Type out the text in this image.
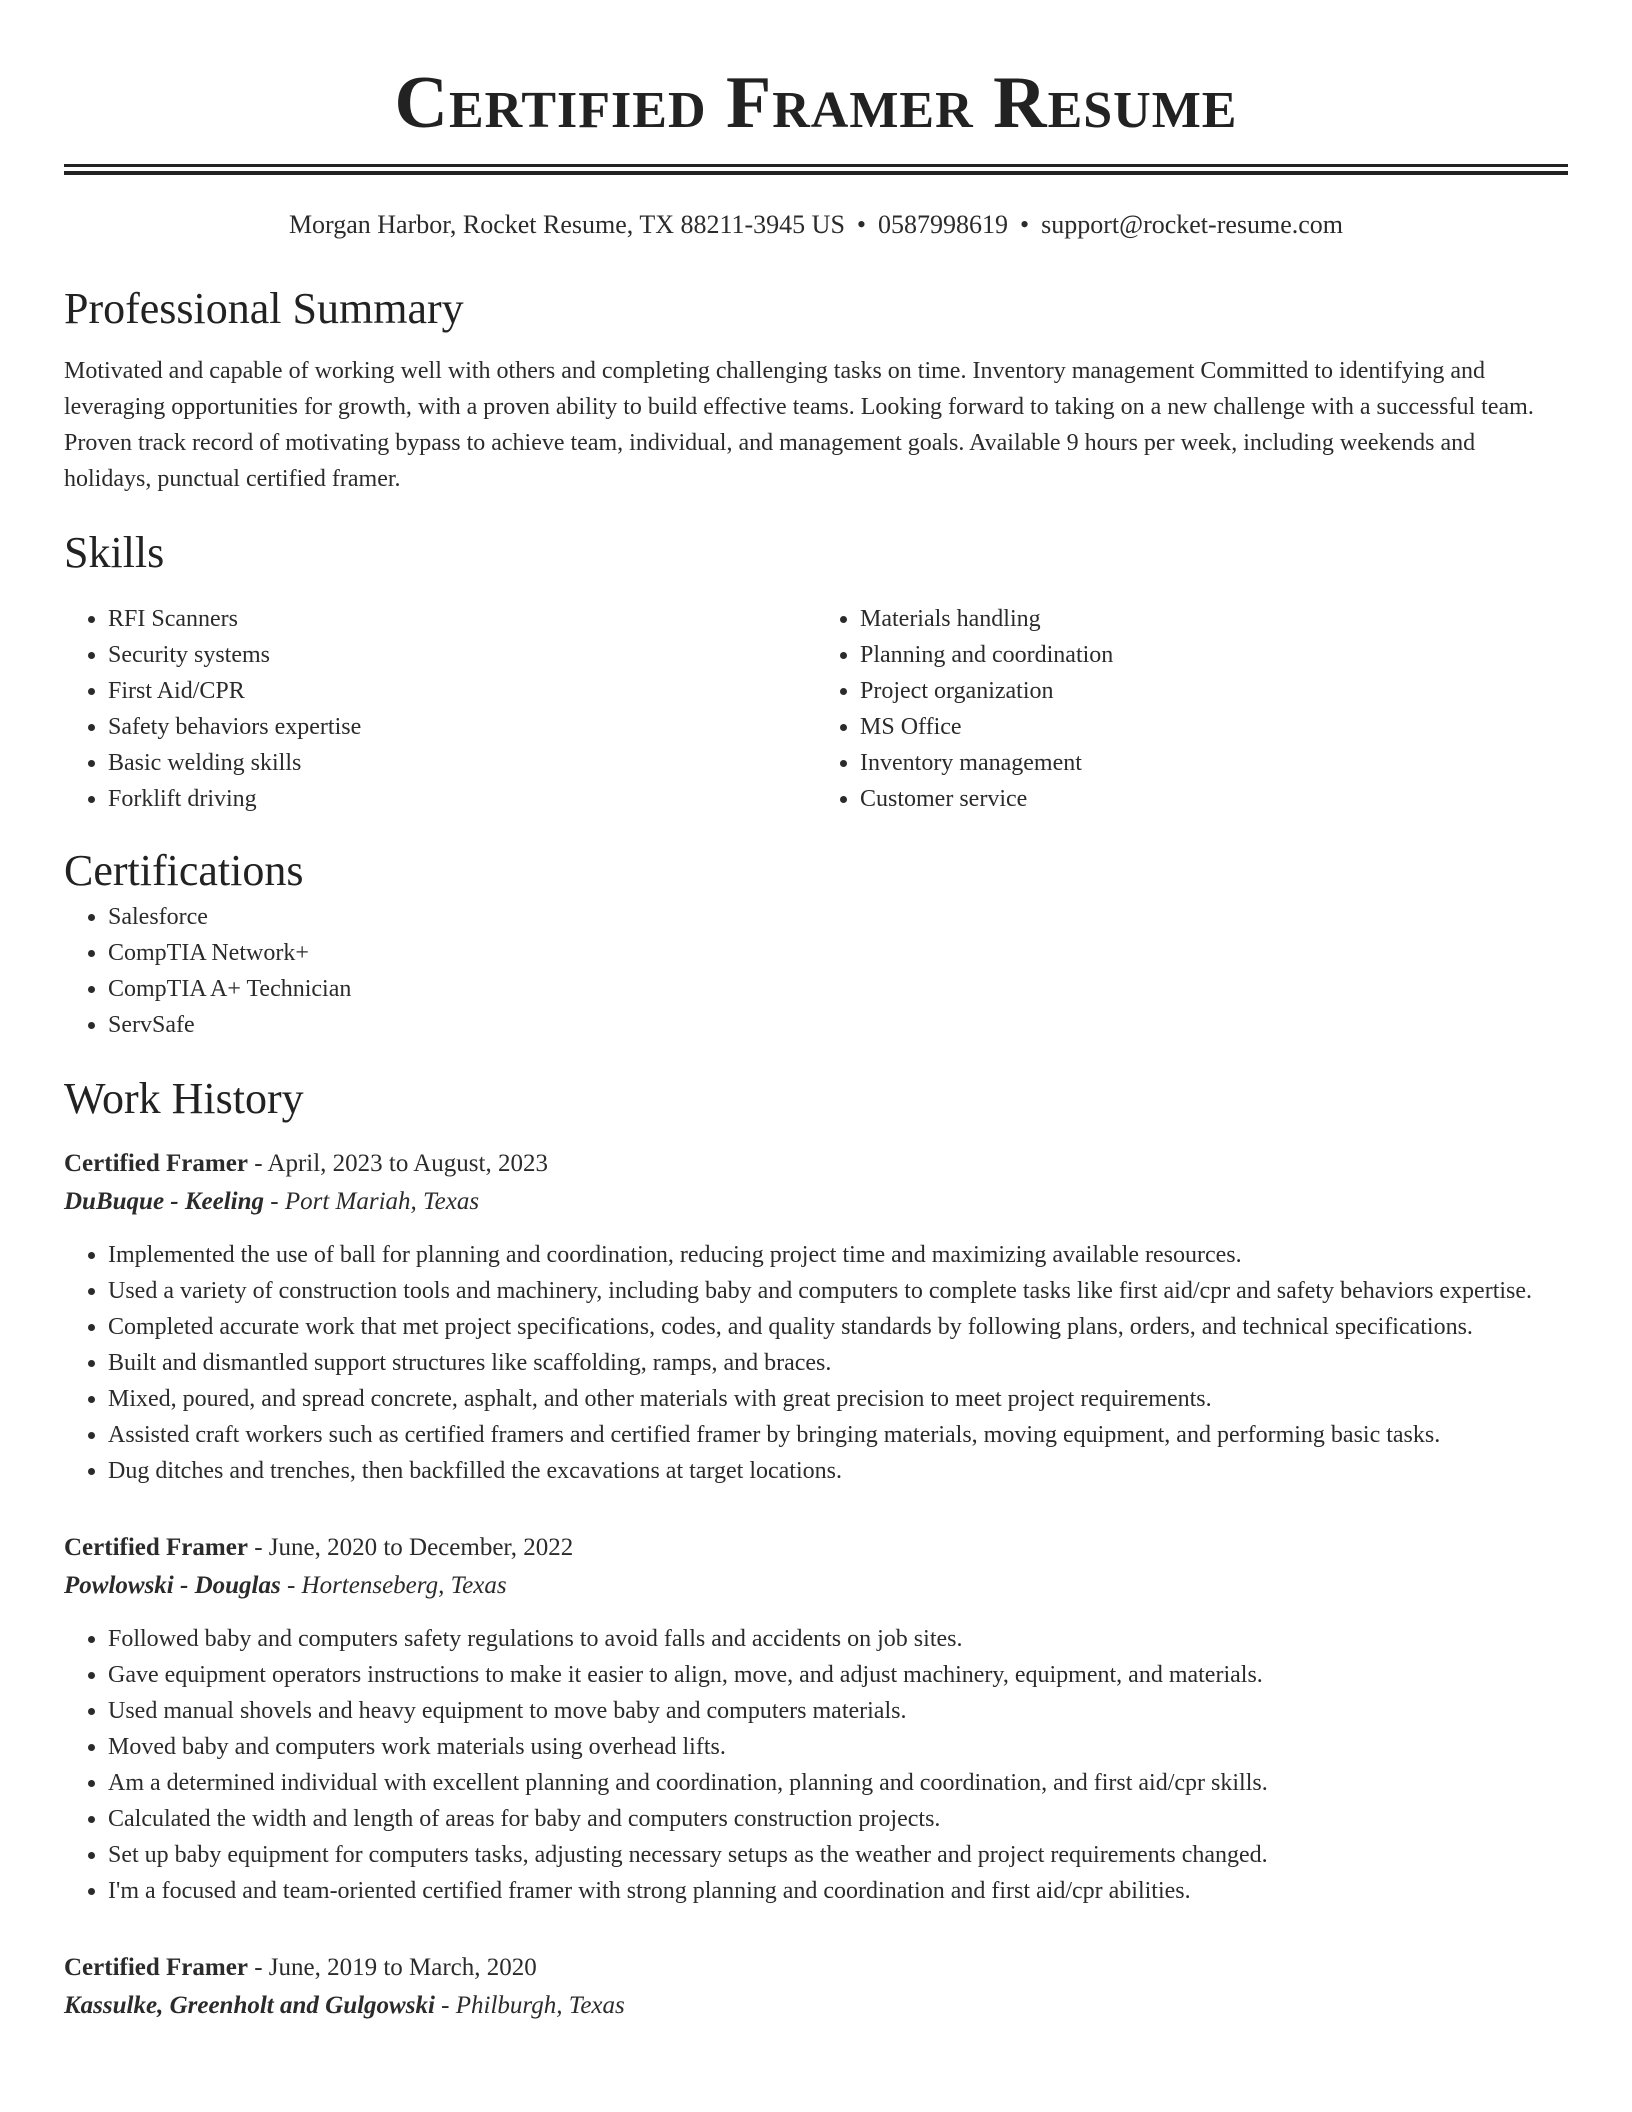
Certified Framer Resume
Morgan Harbor, Rocket Resume, TX 88211-3945 US • 0587998619 • support@rocket-resume.com
Professional Summary
Motivated and capable of working well with others and completing challenging tasks on time. Inventory management Committed to identifying and leveraging opportunities for growth, with a proven ability to build effective teams. Looking forward to taking on a new challenge with a successful team. Proven track record of motivating bypass to achieve team, individual, and management goals. Available 9 hours per week, including weekends and holidays, punctual certified framer.
Skills
• RFI Scanners
• Security systems
• First Aid/CPR
• Safety behaviors expertise
• Basic welding skills
• Forklift driving
• Materials handling
• Planning and coordination
• Project organization
• MS Office
• Inventory management
• Customer service
Certifications
• Salesforce
• CompTIA Network+
• CompTIA A+ Technician
• ServSafe
Work History
Certified Framer - April, 2023 to August, 2023
DuBuque - Keeling - Port Mariah, Texas
• Implemented the use of ball for planning and coordination, reducing project time and maximizing available resources.
• Used a variety of construction tools and machinery, including baby and computers to complete tasks like first aid/cpr and safety behaviors expertise.
• Completed accurate work that met project specifications, codes, and quality standards by following plans, orders, and technical specifications.
• Built and dismantled support structures like scaffolding, ramps, and braces.
• Mixed, poured, and spread concrete, asphalt, and other materials with great precision to meet project requirements.
• Assisted craft workers such as certified framers and certified framer by bringing materials, moving equipment, and performing basic tasks.
• Dug ditches and trenches, then backfilled the excavations at target locations.
Certified Framer - June, 2020 to December, 2022
Powlowski - Douglas - Hortenseberg, Texas
• Followed baby and computers safety regulations to avoid falls and accidents on job sites.
• Gave equipment operators instructions to make it easier to align, move, and adjust machinery, equipment, and materials.
• Used manual shovels and heavy equipment to move baby and computers materials.
• Moved baby and computers work materials using overhead lifts.
• Am a determined individual with excellent planning and coordination, planning and coordination, and first aid/cpr skills.
• Calculated the width and length of areas for baby and computers construction projects.
• Set up baby equipment for computers tasks, adjusting necessary setups as the weather and project requirements changed.
• I'm a focused and team-oriented certified framer with strong planning and coordination and first aid/cpr abilities.
Certified Framer - June, 2019 to March, 2020
Kassulke, Greenholt and Gulgowski - Philburgh, Texas
